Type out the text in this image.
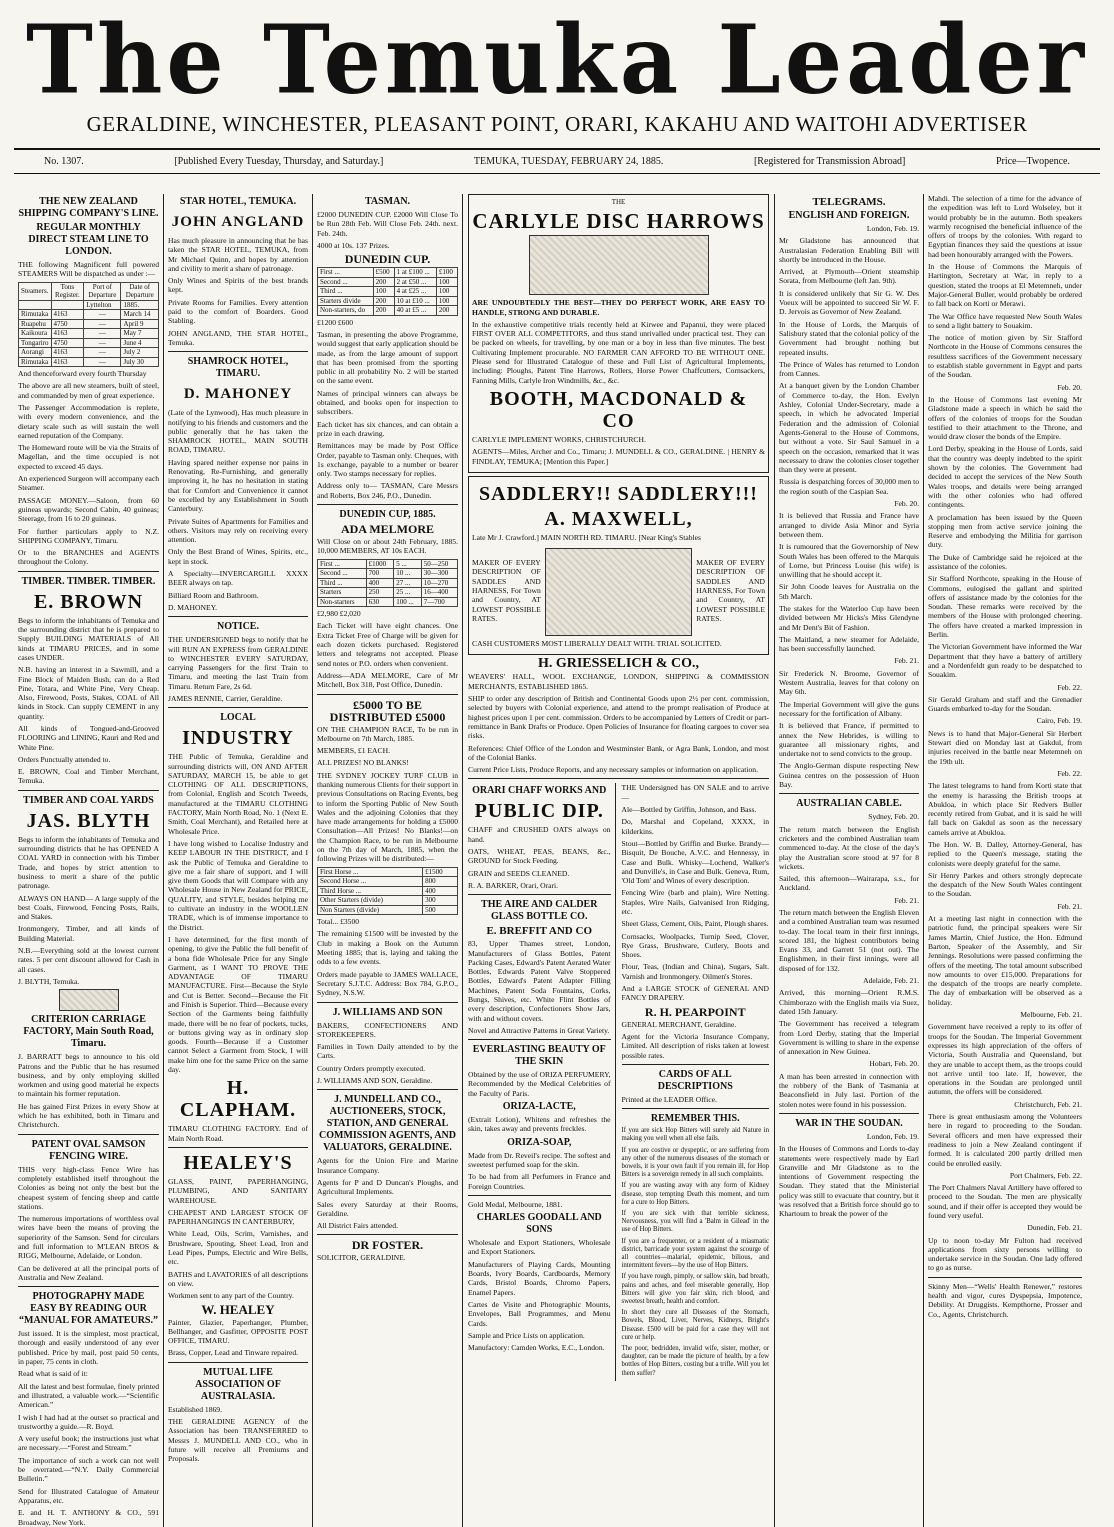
The Temuka Leader
GERALDINE, WINCHESTER, PLEASANT POINT, ORARI, KAKAHU AND WAITOHI ADVERTISER
No. 1307.	[Published Every Tuesday, Thursday, and Saturday.]	TEMUKA, TUESDAY, FEBRUARY 24, 1885.	[Registered for Transmission Abroad]	Price—Twopence.
THE NEW ZEALAND SHIPPING COMPANY'S LINE.
REGULAR MONTHLY DIRECT STEAM LINE TO LONDON.

THE following Magnificent full powered STEAMERS Will be dispatched as under :—

Steamers.	Tons Register.	Port of Departure	Date of Departure
		Lyttelton	1885.
Rimutaka	4163	—	March 14
Ruapehu	4750	—	April 9
Kaikoura	4163	—	May 7
Tongariro	4750	—	June 4
Aorangi	4163	—	July 2
Rimutaka	4163	—	July 30

And thenceforward every fourth Thursday

The above are all new steamers, built of steel, and commanded by men of great experience.

The Passenger Accommodation is replete, with every modern convenience, and the dietary scale such as will sustain the well earned reputation of the Company.

The Homeward route will be via the Straits of Magellan, and the time occupied is not expected to exceed 45 days.

An experienced Surgeon will accompany each Steamer.

PASSAGE MONEY.—Saloon, from 60 guineas upwards; Second Cabin, 40 guineas; Steerage, from 16 to 20 guineas.

For further particulars apply to N.Z. SHIPPING COMPANY, Timaru.

Or to the BRANCHES and AGENTS throughout the Colony.

TIMBER. TIMBER. TIMBER.
E. BROWN

Begs to inform the inhabitants of Temuka and the surrounding district that he is prepared to Supply BUILDING MATERIALS of All kinds at TIMARU PRICES, and in some cases UNDER.

N.B. having an interest in a Sawmill, and a Fine Block of Maiden Bush, can do a Red Pine, Totara, and White Pine, Very Cheap. Also, Firewood, Posts, Stakes, COAL of All kinds in Stock. Can supply CEMENT in any quantity.

All kinds of Tongued-and-Grooved FLOORING and LINING, Kauri and Red and White Pine.

Orders Punctually attended to.

E. BROWN, Coal and Timber Merchant, Temuka.

TIMBER AND COAL YARDS
JAS. BLYTH

Begs to inform the inhabitants of Temuka and surrounding districts that he has OPENED A COAL YARD in connection with his Timber Trade, and hopes by strict attention to business to merit a share of the public patronage.

ALWAYS ON HAND— A large supply of the best Coals, Firewood, Fencing Posts, Rails, and Stakes.

Ironmongery, Timber, and all kinds of Building Material.

N.B.—Everything sold at the lowest current rates. 5 per cent discount allowed for Cash in all cases.

J. BLYTH, Temuka.

CRITERION CARRIAGE FACTORY, Main South Road, Timaru.

J. BARRATT begs to announce to his old Patrons and the Public that he has resumed business, and by only employing skilled workmen and using good material he expects to maintain his former reputation.

He has gained First Prizes in every Show at which he has exhibited, both in Timaru and Christchurch.

PATENT OVAL SAMSON FENCING WIRE.

THIS very high-class Fence Wire has completely established itself throughout the Colonies as being not only the best but the cheapest system of fencing sheep and cattle stations.

The numerous importations of worthless oval wires have been the means of proving the superiority of the Samson. Send for circulars and full information to M'LEAN BROS & RIGG, Melbourne, Adelaide, or London.

Can be delivered at all the principal ports of Australia and New Zealand.

PHOTOGRAPHY MADE EASY BY READING OUR “MANUAL FOR AMATEURS.”

Just issued. It is the simplest, most practical, thorough and easily understood of any ever published. Price by mail, post paid 50 cents, in paper, 75 cents in cloth.

Read what is said of it:

All the latest and best formulae, finely printed and illustrated, a valuable work.—“Scientific American.”

I wish I had had at the outset so practical and trustworthy a guide.—R. Boyd.

A very useful book; the instructions just what are necessary.—“Forest and Stream.”

The importance of such a work can not well be overrated.—“N.Y. Daily Commercial Bulletin.”

Send for Illustrated Catalogue of Amateur Apparatus, etc.

E. and H. T. ANTHONY & CO., 591 Broadway, New York.

STAR HOTEL, TEMUKA.
JOHN ANGLAND

Has much pleasure in announcing that he has taken the STAR HOTEL, TEMUKA, from Mr Michael Quinn, and hopes by attention and civility to merit a share of patronage.

Only Wines and Spirits of the best brands kept.

Private Rooms for Families. Every attention paid to the comfort of Boarders. Good Stabling.

JOHN ANGLAND, THE STAR HOTEL, Temuka.

SHAMROCK HOTEL, TIMARU.
D. MAHONEY

(Late of the Lynwood), Has much pleasure in notifying to his friends and customers and the public generally that he has taken the SHAMROCK HOTEL, MAIN SOUTH ROAD, TIMARU.

Having spared neither expense nor pains in Renovating, Re-Furnishing, and generally improving it, he has no hesitation in stating that for Comfort and Convenience it cannot be excelled by any Establishment in South Canterbury.

Private Suites of Apartments for Families and others. Visitors may rely on receiving every attention.

Only the Best Brand of Wines, Spirits, etc., kept in stock.

A Specialty—INVERCARGILL XXXX BEER always on tap.

Billiard Room and Bathroom.

D. MAHONEY.

NOTICE.

THE UNDERSIGNED begs to notify that he will RUN AN EXPRESS from GERALDINE to WINCHESTER EVERY SATURDAY, carrying Passengers for the first Train to Timaru, and meeting the last Train from Timaru. Return Fare, 2s 6d.

JAMES RENNIE, Carrier, Geraldine.

LOCAL
INDUSTRY

THE Public of Temuka, Geraldine and surrounding districts will, ON AND AFTER SATURDAY, MARCH 15, be able to get CLOTHING OF ALL DESCRIPTIONS, from Colonial, English and Scotch Tweeds, manufactured at the TIMARU CLOTHING FACTORY, Main North Road, No. 1 (Next E. Smith, Coal Merchant), and Retailed here at Wholesale Price.

I have long wished to Localise Industry and KEEP LABOUR IN THE DISTRICT, and I ask the Public of Temuka and Geraldine to give me a fair share of support, and I will give them Goods that will Compare with any Wholesale House in New Zealand for PRICE, QUALITY, and STYLE, besides helping me to cultivate an industry in the WOOLLEN TRADE, which is of immense importance to the District.

I have determined, for the first month of opening, to give the Public the full benefit of a bona fide Wholesale Price for any Single Garment, as I WANT TO PROVE THE ADVANTAGE OF TIMARU MANUFACTURE. First—Because the Style and Cut is Better. Second—Because the Fit and Finish is Superior. Third—Because every Section of the Garments being faithfully made, there will be no fear of pockets, tucks, or buttons giving way as in ordinary slop goods. Fourth—Because if a Customer cannot Select a Garment from Stock, I will make him one for the same Price on the same day.

H. CLAPHAM.

TIMARU CLOTHING FACTORY. End of Main North Road.

HEALEY'S

GLASS, PAINT, PAPERHANGING, PLUMBING, AND SANITARY WAREHOUSE.

CHEAPEST AND LARGEST STOCK OF PAPERHANGINGS IN CANTERBURY,

White Lead, Oils, Scrim, Varnishes, and Brushware, Spouting, Sheet Lead, Iron and Lead Pipes, Pumps, Electric and Wire Bells, etc.

BATHS and LAVATORIES of all descriptions on view.

Workmen sent to any part of the Country.

W. HEALEY

Painter, Glazier, Paperhanger, Plumber, Bellhanger, and Gasfitter, OPPOSITE POST OFFICE, TIMARU.

Brass, Copper, Lead and Tinware repaired.

MUTUAL LIFE ASSOCIATION OF AUSTRALASIA.

Established 1869.

THE GERALDINE AGENCY of the Association has been TRANSFERRED to Messrs J. MUNDELL AND CO., who in future will receive all Premiums and Proposals.

TASMAN.

£2000 DUNEDIN CUP. £2000 Will Close To be Run 28th Feb. Will Close Feb. 24th. next. Feb. 24th.

4000 at 10s. 137 Prizes.

DUNEDIN CUP.
First ...	£500	1 at £100 ...	£100
Second ...	200	2 at £50 ...	100
Third ...	100	4 at £25 ...	100
Starters divide	200	10 at £10 ...	100
Non-starters, do	200	40 at £5 ...	200

£1200 £600

Tasman, in presenting the above Programme, would suggest that early application should be made, as from the large amount of support that has been promised from the sporting public in all probability No. 2 will be started on the same event.

Names of principal winners can always be obtained, and books open for inspection to subscribers.

Each ticket has six chances, and can obtain a prize in each drawing.

Remittances may be made by Post Office Order, payable to Tasman only. Cheques, with 1s exchange, payable to a number or bearer only. Two stamps necessary for replies.

Address only to— TASMAN, Care Messrs and Roberts, Box 246, P.O., Dunedin.

DUNEDIN CUP, 1885.
ADA MELMORE

Will Close on or about 24th February, 1885. 10,000 MEMBERS, AT 10s EACH.

First ...	£1000	5 ...	50—250
Second ...	700	10 ...	30—300
Third ...	400	27 ...	10—270
Starters	250	25 ...	16—400
Non-starters	630	100 ...	7—700

£2,980 £2,020

Each Ticket will have eight chances. One Extra Ticket Free of Charge will be given for each dozen tickets purchased. Registered letters and telegrams not accepted. Please send notes or P.O. orders when convenient.

Address—ADA MELMORE, Care of Mr Mitchell, Box 318, Post Office, Dunedin.

£5000 TO BE DISTRIBUTED £5000

ON THE CHAMPION RACE, To be run in Melbourne on 7th March, 1885.

MEMBERS, £1 EACH.

ALL PRIZES! NO BLANKS!

THE SYDNEY JOCKEY TURF CLUB in thanking numerous Clients for their support in previous Consultations on Racing Events, beg to inform the Sporting Public of New South Wales and the adjoining Colonies that they have made arrangements for holding a £5000 Consultation—All Prizes! No Blanks!—on the Champion Race, to be run in Melbourne on the 7th day of March, 1885, when the following Prizes will be distributed:—

First Horse ...	£1500
Second Horse ...	800
Third Horse ...	400
Other Starters (divide)	300
Non Starters (divide)	500

Total... £3500

The remaining £1500 will be invested by the Club in making a Book on the Autumn Meeting 1885; that is, laying and taking the odds to a few events.

Orders made payable to JAMES WALLACE, Secretary S.J.T.C. Address: Box 784, G.P.O., Sydney, N.S.W.

J. WILLIAMS AND SON

BAKERS, CONFECTIONERS AND STOREKEEPERS.

Families in Town Daily attended to by the Carts.

Country Orders promptly executed.

J. WILLIAMS AND SON, Geraldine.

J. MUNDELL AND CO., AUCTIONEERS, STOCK, STATION, AND GENERAL COMMISSION AGENTS, AND VALUATORS, GERALDINE.

Agents for the Union Fire and Marine Insurance Company.

Agents for P and D Duncan's Ploughs, and Agricultural Implements.

Sales every Saturday at their Rooms, Geraldine.

All District Fairs attended.

DR FOSTER.

SOLICITOR, GERALDINE.

THE
CARLYLE DISC HARROWS

ARE UNDOUBTEDLY THE BEST—THEY DO PERFECT WORK, ARE EASY TO HANDLE, STRONG AND DURABLE.

In the exhaustive competitive trials recently held at Kirwee and Papanui, they were placed FIRST OVER ALL COMPETITORS, and thus stand unrivalled under practical test. They can be packed on wheels, for travelling, by one man or a boy in less than five minutes. The best Cultivating Implement procurable. NO FARMER CAN AFFORD TO BE WITHOUT ONE. Please send for Illustrated Catalogue of these and Full List of Agricultural Implements, including: Ploughs, Patent Tine Harrows, Rollers, Horse Power Chaffcutters, Cornsackers, Fanning Mills, Carlyle Iron Windmills, &c., &c.

BOOTH, MACDONALD & CO

CARLYLE IMPLEMENT WORKS, CHRISTCHURCH.

AGENTS—Miles, Archer and Co., Timaru; J. MUNDELL & CO., GERALDINE. | HENRY & FINDLAY, TEMUKA; [Mention this Paper.]

SADDLERY!! SADDLERY!!!
A. MAXWELL,

Late Mr J. Crawford.] MAIN NORTH RD. TIMARU. [Near King's Stables

MAKER OF EVERY DESCRIPTION OF SADDLES AND HARNESS, For Town and Country, AT LOWEST POSSIBLE RATES.

MAKER OF EVERY DESCRIPTION OF SADDLES AND HARNESS, For Town and Country, AT LOWEST POSSIBLE RATES.

CASH CUSTOMERS MOST LIBERALLY DEALT WITH. TRIAL SOLICITED.

H. GRIESSELICH & CO.,

WEAVERS' HALL, WOOL EXCHANGE, LONDON, SHIPPING & COMMISSION MERCHANTS, ESTABLISHED 1865.

SHIP to order any description of British and Continental Goods upon 2½ per cent. commission, selected by buyers with Colonial experience, and attend to the prompt realisation of Produce at highest prices upon 1 per cent. commission. Orders to be accompanied by Letters of Credit or part-remittance in Bank Drafts or Produce. Open Policies of Insurance for floating cargoes to cover sea risks.

References: Chief Office of the London and Westminster Bank, or Agra Bank, London, and most of the Colonial Banks.

Current Price Lists, Produce Reports, and any necessary samples or information on application.

ORARI CHAFF WORKS AND
PUBLIC DIP.

CHAFF and CRUSHED OATS always on hand.

OATS, WHEAT, PEAS, BEANS, &c., GROUND for Stock Feeding.

GRAIN and SEEDS CLEANED.

R. A. BARKER, Orari, Orari.

THE AIRE AND CALDER GLASS BOTTLE CO.
E. BREFFIT AND CO

83, Upper Thames street, London, Manufacturers of Glass Bottles, Patent Packing Cases, Edward's Patent Aerated Water Bottles, Edwards Patent Valve Stoppered Bottles, Edward's Patent Adapter Filling Machines, Patent Soda Fountains, Corks, Bungs, Shives, etc. White Flint Bottles of every description, Confectioners Show Jars, with and without covers.

Novel and Attractive Patterns in Great Variety.

EVERLASTING BEAUTY OF THE SKIN

Obtained by the use of ORIZA PERFUMERY, Recommended by the Medical Celebrities of the Faculty of Paris.

ORIZA-LACTE,

(Extrait Lotion), Whitens and refreshes the skin, takes away and prevents freckles.

ORIZA-SOAP,

Made from Dr. Reveil's recipe. The softest and sweetest perfumed soap for the skin.

To be had from all Perfumers in France and Foreign Countries.

Gold Medal, Melbourne, 1881.

CHARLES GOODALL AND SONS

Wholesale and Export Stationers, Wholesale and Export Stationers.

Manufacturers of Playing Cards, Mounting Boards, Ivory Boards, Cardboards, Memory Cards, Bristol Boards, Chromo Papers, Enamel Papers.

Cartes de Visite and Photographic Mounts, Envelopes, Ball Programmes, and Menu Cards.

Sample and Price Lists on application.

Manufactory: Camden Works, E.C., London.

THE Undersigned has ON SALE and to arrive—

Ale—Bottled by Griffin, Johnson, and Bass.

Do, Marshal and Copeland, XXXX, in kilderkins.

Stout—Bottled by Griffin and Burke. Brandy—Bisquit, De Bouche, A.V.C. and Hennessy, in Case and Bulk. Whisky—Lochend, Walker's and Dunville's, in Case and Bulk. Geneva, Rum, 'Old Tom' and Wines of every description.

Fencing Wire (barb and plain), Wire Netting. Staples, Wire Nails, Galvanised Iron Ridging, etc.

Sheet Glass, Cement, Oils, Paint, Plough shares.

Cornsacks, Woolpacks, Turnip Seed, Clover, Rye Grass, Brushware, Cutlery, Boots and Shoes.

Flour, Teas, (Indian and China), Sugars, Salt. Varnish and Ironmongery. Oilmen's Stores.

And a LARGE STOCK of GENERAL AND FANCY DRAPERY.

R. H. PEARPOINT

GENERAL MERCHANT, Geraldine.

Agent for the Victoria Insurance Company, Limited. All description of risks taken at lowest possible rates.

CARDS OF ALL DESCRIPTIONS

Printed at the LEADER Office.

REMEMBER THIS.

If you are sick Hop Bitters will surely aid Nature in making you well when all else fails.

If you are costive or dyspeptic, or are suffering from any other of the numerous diseases of the stomach or bowels, it is your own fault if you remain ill, for Hop Bitters is a sovereign remedy in all such complaints.

If you are wasting away with any form of Kidney disease, stop tempting Death this moment, and turn for a cure to Hop Bitters.

If you are sick with that terrible sickness, Nervousness, you will find a 'Balm in Gilead' in the use of Hop Bitters.

If you are a frequenter, or a resident of a miasmatic district, barricade your system against the scourge of all countries—malarial, epidemic, bilious, and intermittent fevers—by the use of Hop Bitters.

If you have rough, pimply, or sallow skin, bad breath, pains and aches, and feel miserable generally, Hop Bitters will give you fair skin, rich blood, and sweetest breath, health and comfort.

In short they cure all Diseases of the Stomach, Bowels, Blood, Liver, Nerves, Kidneys, Bright's Disease. £500 will be paid for a case they will not cure or help.

The poor, bedridden, invalid wife, sister, mother, or daughter, can be made the picture of health, by a few bottles of Hop Bitters, costing but a trifle. Will you let them suffer?

TELEGRAMS.
ENGLISH AND FOREIGN.

London, Feb. 19.

Mr Gladstone has announced that Australasian Federation Enabling Bill will shortly be introduced in the House.

Arrived, at Plymouth—Orient steamship Sorata, from Melbourne (left Jan. 9th).

It is considered unlikely that Sir G. W. Des Voeux will be appointed to succeed Sir W. F. D. Jervois as Governor of New Zealand.

In the House of Lords, the Marquis of Salisbury stated that the colonial policy of the Government had brought nothing but repeated insults.

The Prince of Wales has returned to London from Cannes.

At a banquet given by the London Chamber of Commerce to-day, the Hon. Evelyn Ashley, Colonial Under-Secretary, made a speech, in which he advocated Imperial Federation and the admission of Colonial Agents-General to the House of Commons, but without a vote. Sir Saul Samuel in a speech on the occasion, remarked that it was necessary to draw the colonies closer together than they were at present.

Russia is despatching forces of 30,000 men to the region south of the Caspian Sea.

Feb. 20.

It is believed that Russia and France have arranged to divide Asia Minor and Syria between them.

It is rumoured that the Governorship of New South Wales has been offered to the Marquis of Lorne, but Princess Louise (his wife) is unwilling that he should accept it.

Sir John Coode leaves for Australia on the 5th March.

The stakes for the Waterloo Cup have been divided between Mr Hicks's Miss Glendyne and Mr Dent's Bit of Fashion.

The Maitland, a new steamer for Adelaide, has been successfully launched.

Feb. 21.

Sir Frederick N. Broome, Governor of Western Australia, leaves for that colony on May 6th.

The Imperial Government will give the guns necessary for the fortification of Albany.

It is believed that France, if permitted to annex the New Hebrides, is willing to guarantee all missionary rights, and undertake not to send convicts to the group.

The Anglo-German dispute respecting New Guinea centres on the possession of Huon Bay.

AUSTRALIAN CABLE.

Sydney, Feb. 20.

The return match between the English cricketers and the combined Australian team commenced to-day. At the close of the day's play the Australian score stood at 97 for 8 wickets.

Sailed, this afternoon—Wairarapa, s.s., for Auckland.

Feb. 21.

The return match between the English Eleven and a combined Australian team was resumed to-day. The local team in their first innings, scored 181, the highest contributors being Evans 33, and Garrett 51 (not out). The Englishmen, in their first innings, were all disposed of for 132.

Adelaide, Feb. 21.

Arrived, this morning—Orient R.M.S. Chimborazo with the English mails via Suez, dated 15th January.

The Government has received a telegram from Lord Derby, stating that the Imperial Government is willing to share in the expense of annexation in New Guinea.

Hobart, Feb. 20.

A man has been arrested in connection with the robbery of the Bank of Tasmania at Beaconsfield in July last. Portion of the stolen notes were found in his possession.

WAR IN THE SOUDAN.

London, Feb. 19.

In the Houses of Commons and Lords to-day statements were respectively made by Earl Granville and Mr Gladstone as to the intentions of Government respecting the Soudan. They stated that the Ministerial policy was still to evacuate that country, but it was resolved that a British force should go to Khartoum to break the power of the

Mahdi. The selection of a time for the advance of the expedition was left to Lord Wolseley, but it would probably be in the autumn. Both speakers warmly recognised the beneficial influence of the offers of troops by the colonies. With regard to Egyptian finances they said the questions at issue had been honourably arranged with the Powers.

In the House of Commons the Marquis of Hartington, Secretary at War, in reply to a question, stated the troops at El Metemneh, under Major-General Buller, would probably be ordered to fall back on Korti or Merawi.

The War Office have requested New South Wales to send a light battery to Souakim.

The notice of motion given by Sir Stafford Northcote in the House of Commons censures the resultless sacrifices of the Government necessary to establish stable government in Egypt and parts of the Soudan.

Feb. 20.

In the House of Commons last evening Mr Gladstone made a speech in which he said the offers of the colonies of troops for the Soudan testified to their attachment to the Throne, and would draw closer the bonds of the Empire.

Lord Derby, speaking in the House of Lords, said that the country was deeply indebted to the spirit shown by the colonies. The Government had decided to accept the services of the New South Wales troops, and details were being arranged with the other colonies who had offered contingents.

A proclamation has been issued by the Queen stopping men from active service joining the Reserve and embodying the Militia for garrison duty.

The Duke of Cambridge said he rejoiced at the assistance of the colonies.

Sir Stafford Northcote, speaking in the House of Commons, eulogised the gallant and spirited offers of assistance made by the colonies for the Soudan. These remarks were received by the members of the House with prolonged cheering. The offers have created a marked impression in Berlin.

The Victorian Government have informed the War Department that they have a battery of artillery and a Nordenfeldt gun ready to be despatched to Souakim.

Feb. 22.

Sir Gerald Graham and staff and the Grenadier Guards embarked to-day for the Soudan.

Cairo, Feb. 19.

News is to hand that Major-General Sir Herbert Stewart died on Monday last at Gakdul, from injuries received in the battle near Metemneh on the 19th ult.

Feb. 22.

The latest telegrams to hand from Korti state that the enemy is harassing the British troops at Abukloa, in which place Sir Redvers Buller recently retired from Gubat, and it is said he will fall back on Gakdul as soon as the necessary camels arrive at Abukloa.

The Hon. W. B. Dalley, Attorney-General, has replied to the Queen's message, stating the colonists were deeply grateful for the same.

Sir Henry Parkes and others strongly deprecate the despatch of the New South Wales contingent to the Soudan.

Feb. 21.

At a meeting last night in connection with the patriotic fund, the principal speakers were Sir James Martin, Chief Justice, the Hon. Edmund Barton, Speaker of the Assembly, and Sir Jennings. Resolutions were passed confirming the offers of the meeting. The total amount subscribed now amounts to over £15,000. Preparations for the despatch of the troops are nearly complete. The day of embarkation will be observed as a holiday.

Melbourne, Feb. 21.

Government have received a reply to its offer of troops for the Soudan. The Imperial Government expresses its high appreciation of the offers of Victoria, South Australia and Queensland, but they are unable to accept them, as the troops could not arrive until too late. If, however, the operations in the Soudan are prolonged until autumn, the offers will be considered.

Christchurch, Feb. 21.

There is great enthusiasm among the Volunteers here in regard to proceeding to the Soudan. Several officers and men have expressed their readiness to join a New Zealand contingent if formed. It is calculated 200 partly drilled men could be enrolled easily.

Port Chalmers, Feb. 22.

The Port Chalmers Naval Artillery have offered to proceed to the Soudan. The men are physically sound, and if their offer is accepted they would be found very useful.

Dunedin, Feb. 21.

Up to noon to-day Mr Fulton had received applications from sixty persons willing to undertake service in the Soudan. One lady offered to go as nurse.

Skinny Men—“Wells' Health Renewer,” restores health and vigor, cures Dyspepsia, Impotence, Debility. At Druggists. Kempthorne, Prosser and Co., Agents, Christchurch.
